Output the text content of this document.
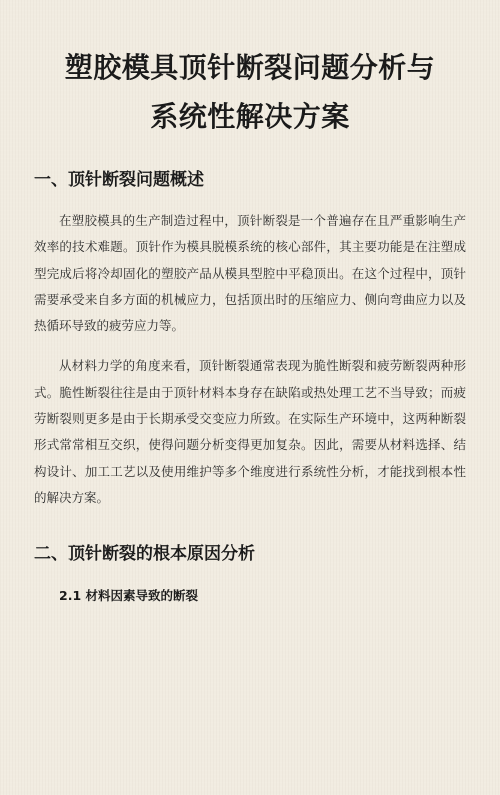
塑胶模具顶针断裂问题分析与
系统性解决方案
一、顶针断裂问题概述

在塑胶模具的生产制造过程中，顶针断裂是一个普遍存在且严重影响生产效率的技术难题。顶针作为模具脱模系统的核心部件，其主要功能是在注塑成型完成后将冷却固化的塑胶产品从模具型腔中平稳顶出。在这个过程中，顶针需要承受来自多方面的机械应力，包括顶出时的压缩应力、侧向弯曲应力以及热循环导致的疲劳应力等。

从材料力学的角度来看，顶针断裂通常表现为脆性断裂和疲劳断裂两种形式。脆性断裂往往是由于顶针材料本身存在缺陷或热处理工艺不当导致；而疲劳断裂则更多是由于长期承受交变应力所致。在实际生产环境中，这两种断裂形式常常相互交织，使得问题分析变得更加复杂。因此，需要从材料选择、结构设计、加工工艺以及使用维护等多个维度进行系统性分析，才能找到根本性的解决方案。

二、顶针断裂的根本原因分析
2.1 材料因素导致的断裂
